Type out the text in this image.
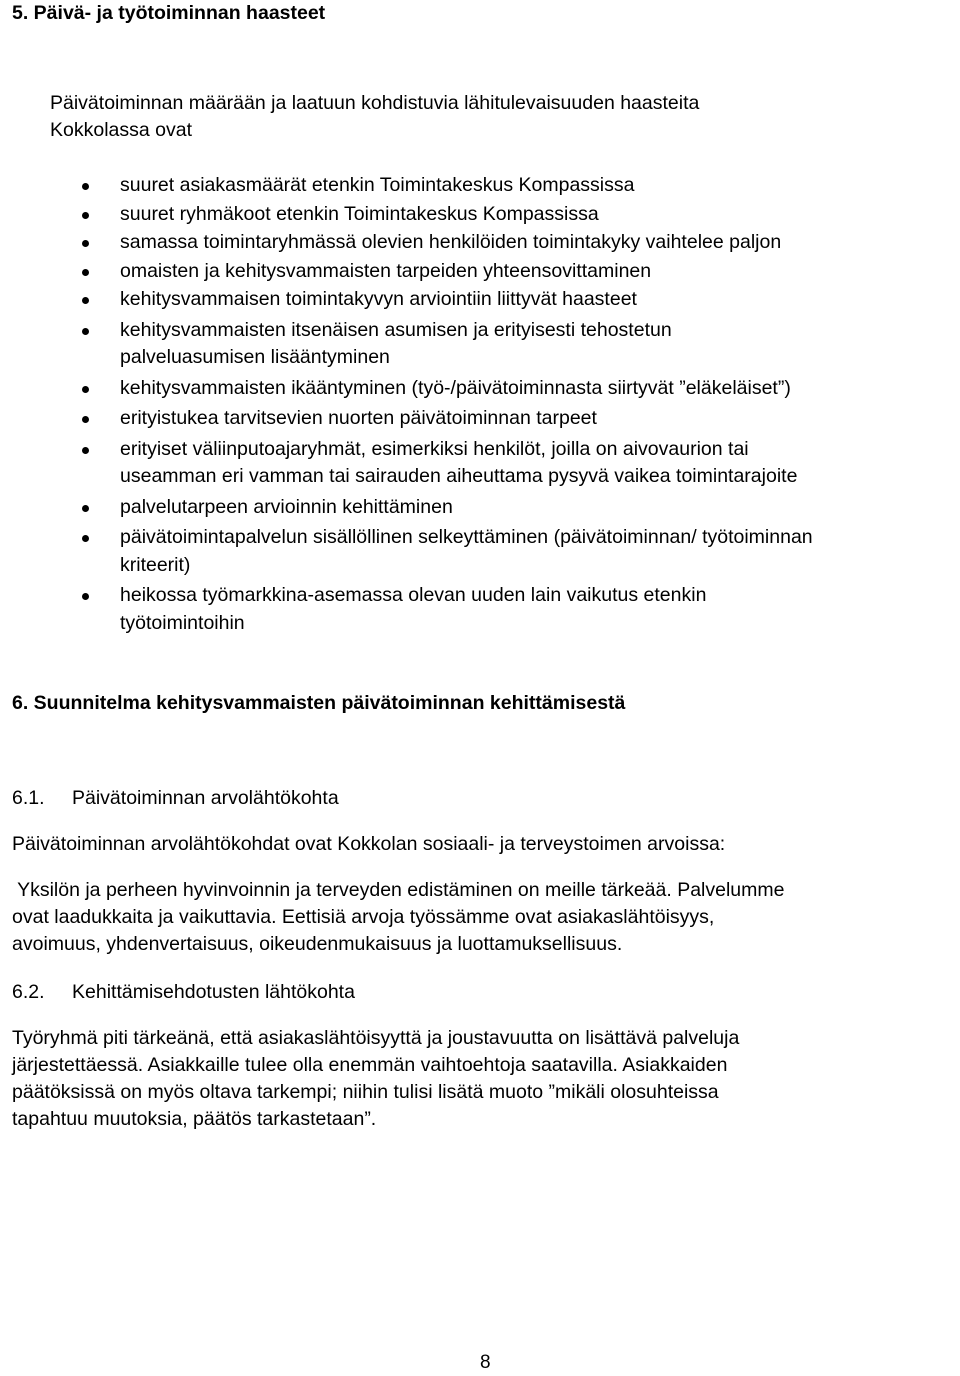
5. Päivä- ja työtoiminnan haasteet
Päivätoiminnan määrään ja laatuun kohdistuvia lähitulevaisuuden haasteita
Kokkolassa ovat
suuret asiakasmäärät etenkin Toimintakeskus Kompassissa
suuret ryhmäkoot etenkin Toimintakeskus Kompassissa
samassa toimintaryhmässä olevien henkilöiden toimintakyky vaihtelee paljon
omaisten ja kehitysvammaisten tarpeiden yhteensovittaminen
kehitysvammaisen toimintakyvyn arviointiin liittyvät haasteet
kehitysvammaisten itsenäisen asumisen ja erityisesti tehostetun
palveluasumisen lisääntyminen
kehitysvammaisten ikääntyminen (työ-/päivätoiminnasta siirtyvät ”eläkeläiset”)
erityistukea tarvitsevien nuorten päivätoiminnan tarpeet
erityiset väliinputoajaryhmät, esimerkiksi henkilöt, joilla on aivovaurion tai
useamman eri vamman tai sairauden aiheuttama pysyvä vaikea toimintarajoite
palvelutarpeen arvioinnin kehittäminen
päivätoimintapalvelun sisällöllinen selkeyttäminen (päivätoiminnan/ työtoiminnan
kriteerit)
heikossa työmarkkina-asemassa olevan uuden lain vaikutus etenkin
työtoimintoihin
6. Suunnitelma kehitysvammaisten päivätoiminnan kehittämisestä
6.1. Päivätoiminnan arvolähtökohta
Päivätoiminnan arvolähtökohdat ovat Kokkolan sosiaali- ja terveystoimen arvoissa:
Yksilön ja perheen hyvinvoinnin ja terveyden edistäminen on meille tärkeää. Palvelumme
ovat laadukkaita ja vaikuttavia. Eettisiä arvoja työssämme ovat asiakaslähtöisyys,
avoimuus, yhdenvertaisuus, oikeudenmukaisuus ja luottamuksellisuus.
6.2. Kehittämisehdotusten lähtökohta
Työryhmä piti tärkeänä, että asiakaslähtöisyyttä ja joustavuutta on lisättävä palveluja
järjestettäessä. Asiakkaille tulee olla enemmän vaihtoehtoja saatavilla. Asiakkaiden
päätöksissä on myös oltava tarkempi; niihin tulisi lisätä muoto ”mikäli olosuhteissa
tapahtuu muutoksia, päätös tarkastetaan”.
8
